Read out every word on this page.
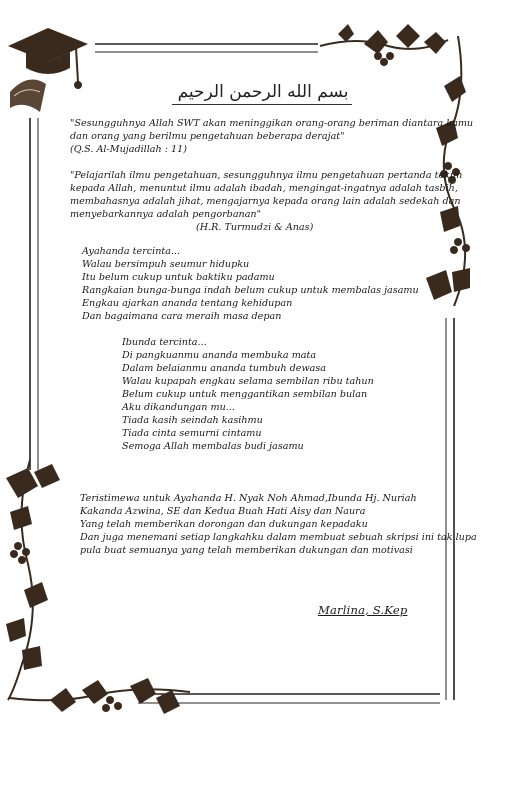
بسم الله الرحمن الرحيم
"Sesungguhnya Allah SWT akan meninggikan orang-orang beriman diantara kamu
dan orang yang berilmu pengetahuan beberapa derajat"
(Q.S. Al-Mujadillah : 11)
"Pelajarilah ilmu pengetahuan, sesungguhnya ilmu pengetahuan pertanda tekun
kepada Allah, menuntut ilmu adalah ibadah, mengingat-ingatnya adalah tasbih,
membahasnya adalah jihat, mengajarnya kepada orang lain adalah sedekah dan
menyebarkannya adalah pengorbanan"
(H.R. Turmudzi & Anas)
Ayahanda tercinta...
Walau bersimpuh seumur hidupku
Itu belum cukup untuk baktiku padamu
Rangkaian bunga-bunga indah belum cukup untuk membalas jasamu
Engkau ajarkan ananda tentang kehidupan
Dan bagaimana cara meraih masa depan
Ibunda tercinta...
Di pangkuanmu ananda membuka mata
Dalam belaianmu ananda tumbuh dewasa
Walau kupapah engkau selama sembilan ribu tahun
Belum cukup untuk menggantikan sembilan bulan
Aku dikandungan mu...
Tiada kasih seindah kasihmu
Tiada cinta semurni cintamu
Semoga Allah membalas budi jasamu
Teristimewa untuk Ayahanda H. Nyak Noh Ahmad,Ibunda Hj. Nuriah
Kakanda Azwina, SE dan Kedua Buah Hati Aisy dan Naura
Yang telah memberikan dorongan dan dukungan kepadaku
Dan juga menemani setiap langkahku dalam membuat sebuah skripsi ini tak lupa
pula buat semuanya yang telah memberikan dukungan dan motivasi
Marlina, S.Kep
